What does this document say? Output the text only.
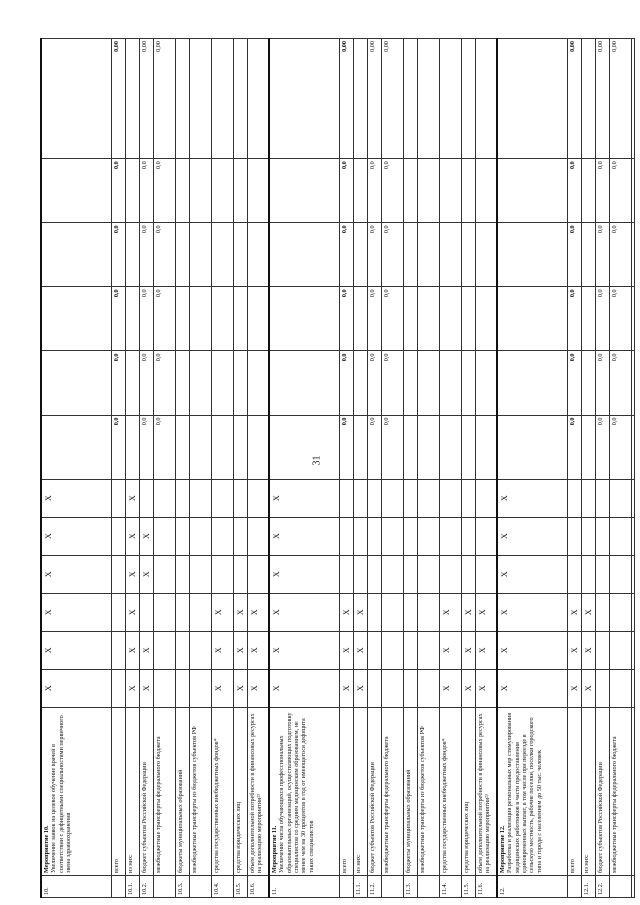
31
10.	Мероприятие 10. Увеличение заявок на целевое обучение врачей в соответствии с дефицитными специальностями первичного звена здравоохранения	X	X	X	X	X	X						
	всего							0,0	0,0	0,0	0,0	0,0	0,00
10.1.	из них:	X	X	X	X	X	X						
10.2.	бюджет субъектов Российской Федерации	X	X		X	X		0,0	0,0	0,0	0,0	0,0	0,00
	межбюджетные трансферты федерального бюджета							0,0	0,0	0,0	0,0	0,0	0,00
10.3.	бюджеты муниципальных образований												
	межбюджетные трансферты из бюджетов субъектов РФ												
10.4.	средства государственных внебюджетных фондов*	X	X	X									
10.5.	средства юридических лиц	X	X	X									
10.6.	объем дополнительной потребности в финансовых ресурсах на реализацию мероприятия²³	X	X	X									
11.	Мероприятие 11. Увеличение числа обучающихся профессиональных образовательных организаций, осуществляющих подготовку специалистов со средним медицинским образованием, не менее чем на 30 процентов в год от имеющегося дефицита таких специалистов	X	X	X	X	X	X						
	всего	X	X	X				0,0	0,0	0,0	0,0	0,0	0,00
11.1.	из них:	X	X	X									
11.2.	бюджет субъектов Российской Федерации							0,0	0,0	0,0	0,0	0,0	0,00
	межбюджетные трансферты федерального бюджета							0,0	0,0	0,0	0,0	0,0	0,00
11.3.	бюджеты муниципальных образований												
	межбюджетные трансферты из бюджетов субъектов РФ												
11.4.	средства государственных внебюджетных фондов*	X	X	X									
11.5.	средства юридических лиц	X	X	X									
11.6.	объем дополнительной потребности в финансовых ресурсах на реализацию мероприятия²³	X	X	X									
12.	Мероприятие 12. Разработка и реализация региональных мер стимулирования медицинских работников в части предоставления единовременных выплат, в том числе при переезде в сельскую местность, рабочие поселки, поселки городского типа и города с населением до 50 тыс. человек	X	X	X	X	X	X						
	всего	X	X	X				0,0	0,0	0,0	0,0	0,0	0,00
12.1.	из них:	X	X	X									
12.2.	бюджет субъектов Российской Федерации							0,0	0,0	0,0	0,0	0,0	0,00
	межбюджетные трансферты федерального бюджета							0,0	0,0	0,0	0,0	0,0	0,00
